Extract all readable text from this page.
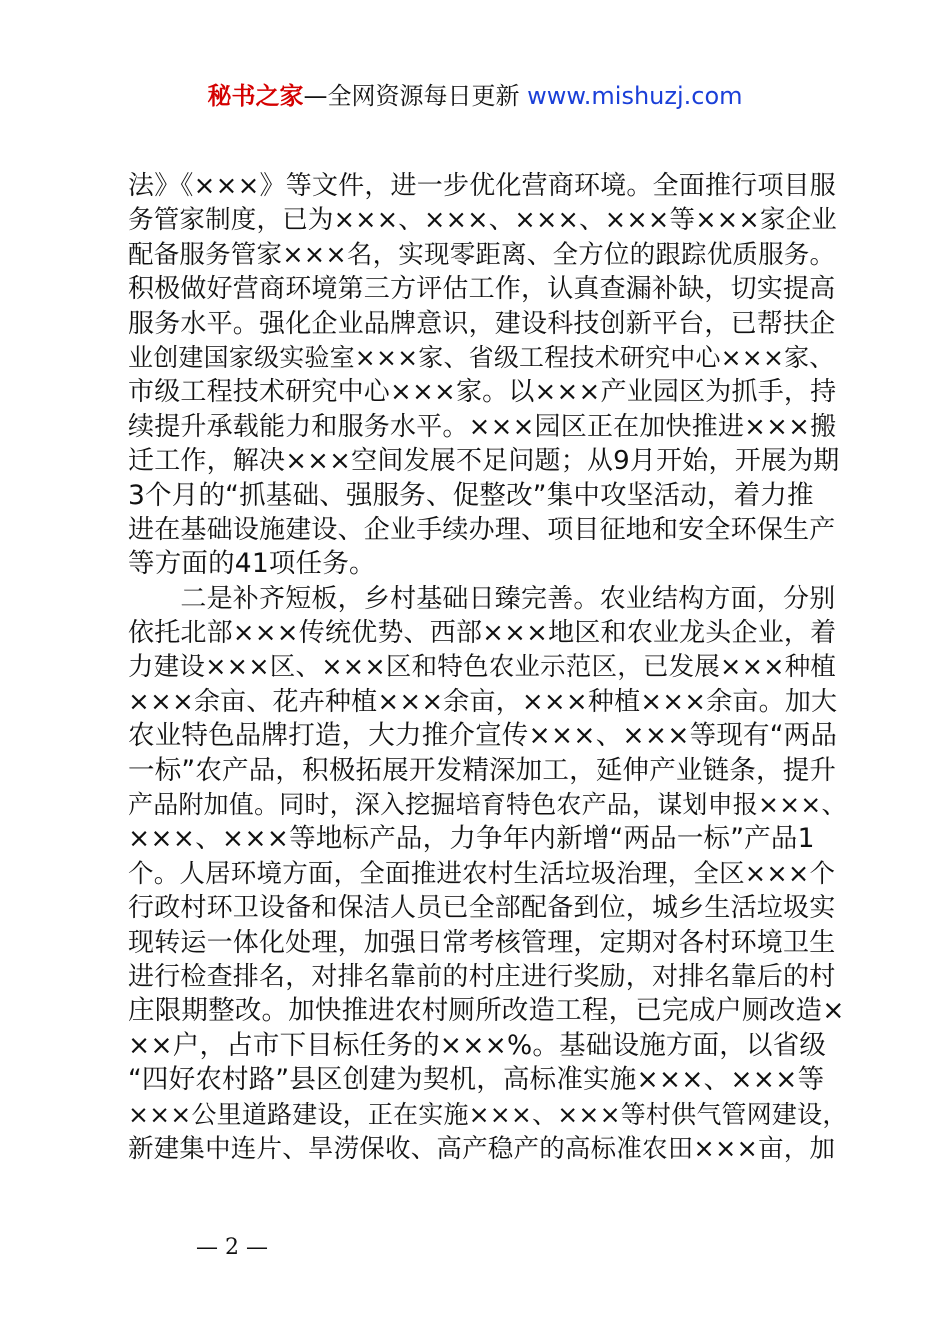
秘书之家—全网资源每日更新 www.mishuzj.com
法》《×××》等文件，进一步优化营商环境。全面推行项目服
务管家制度，已为×××、×××、×××、×××等×××家企业
配备服务管家×××名，实现零距离、全方位的跟踪优质服务。
积极做好营商环境第三方评估工作，认真查漏补缺，切实提高
服务水平。强化企业品牌意识，建设科技创新平台，已帮扶企
业创建国家级实验室×××家、省级工程技术研究中心×××家、
市级工程技术研究中心×××家。以×××产业园区为抓手，持
续提升承载能力和服务水平。×××园区正在加快推进×××搬
迁工作，解决×××空间发展不足问题；从9月开始，开展为期
3个月的“抓基础、强服务、促整改”集中攻坚活动，着力推
进在基础设施建设、企业手续办理、项目征地和安全环保生产
等方面的41项任务。
　　二是补齐短板，乡村基础日臻完善。农业结构方面，分别
依托北部×××传统优势、西部×××地区和农业龙头企业，着
力建设×××区、×××区和特色农业示范区，已发展×××种植
×××余亩、花卉种植×××余亩，×××种植×××余亩。加大
农业特色品牌打造，大力推介宣传×××、×××等现有“两品
一标”农产品，积极拓展开发精深加工，延伸产业链条，提升
产品附加值。同时，深入挖掘培育特色农产品，谋划申报×××、
×××、×××等地标产品，力争年内新增“两品一标”产品1
个。人居环境方面，全面推进农村生活垃圾治理，全区×××个
行政村环卫设备和保洁人员已全部配备到位，城乡生活垃圾实
现转运一体化处理，加强日常考核管理，定期对各村环境卫生
进行检查排名，对排名靠前的村庄进行奖励，对排名靠后的村
庄限期整改。加快推进农村厕所改造工程，已完成户厕改造×
××户，占市下目标任务的×××%。基础设施方面，以省级
“四好农村路”县区创建为契机，高标准实施×××、×××等
×××公里道路建设，正在实施×××、×××等村供气管网建设，
新建集中连片、旱涝保收、高产稳产的高标准农田×××亩，加
— 2 —
